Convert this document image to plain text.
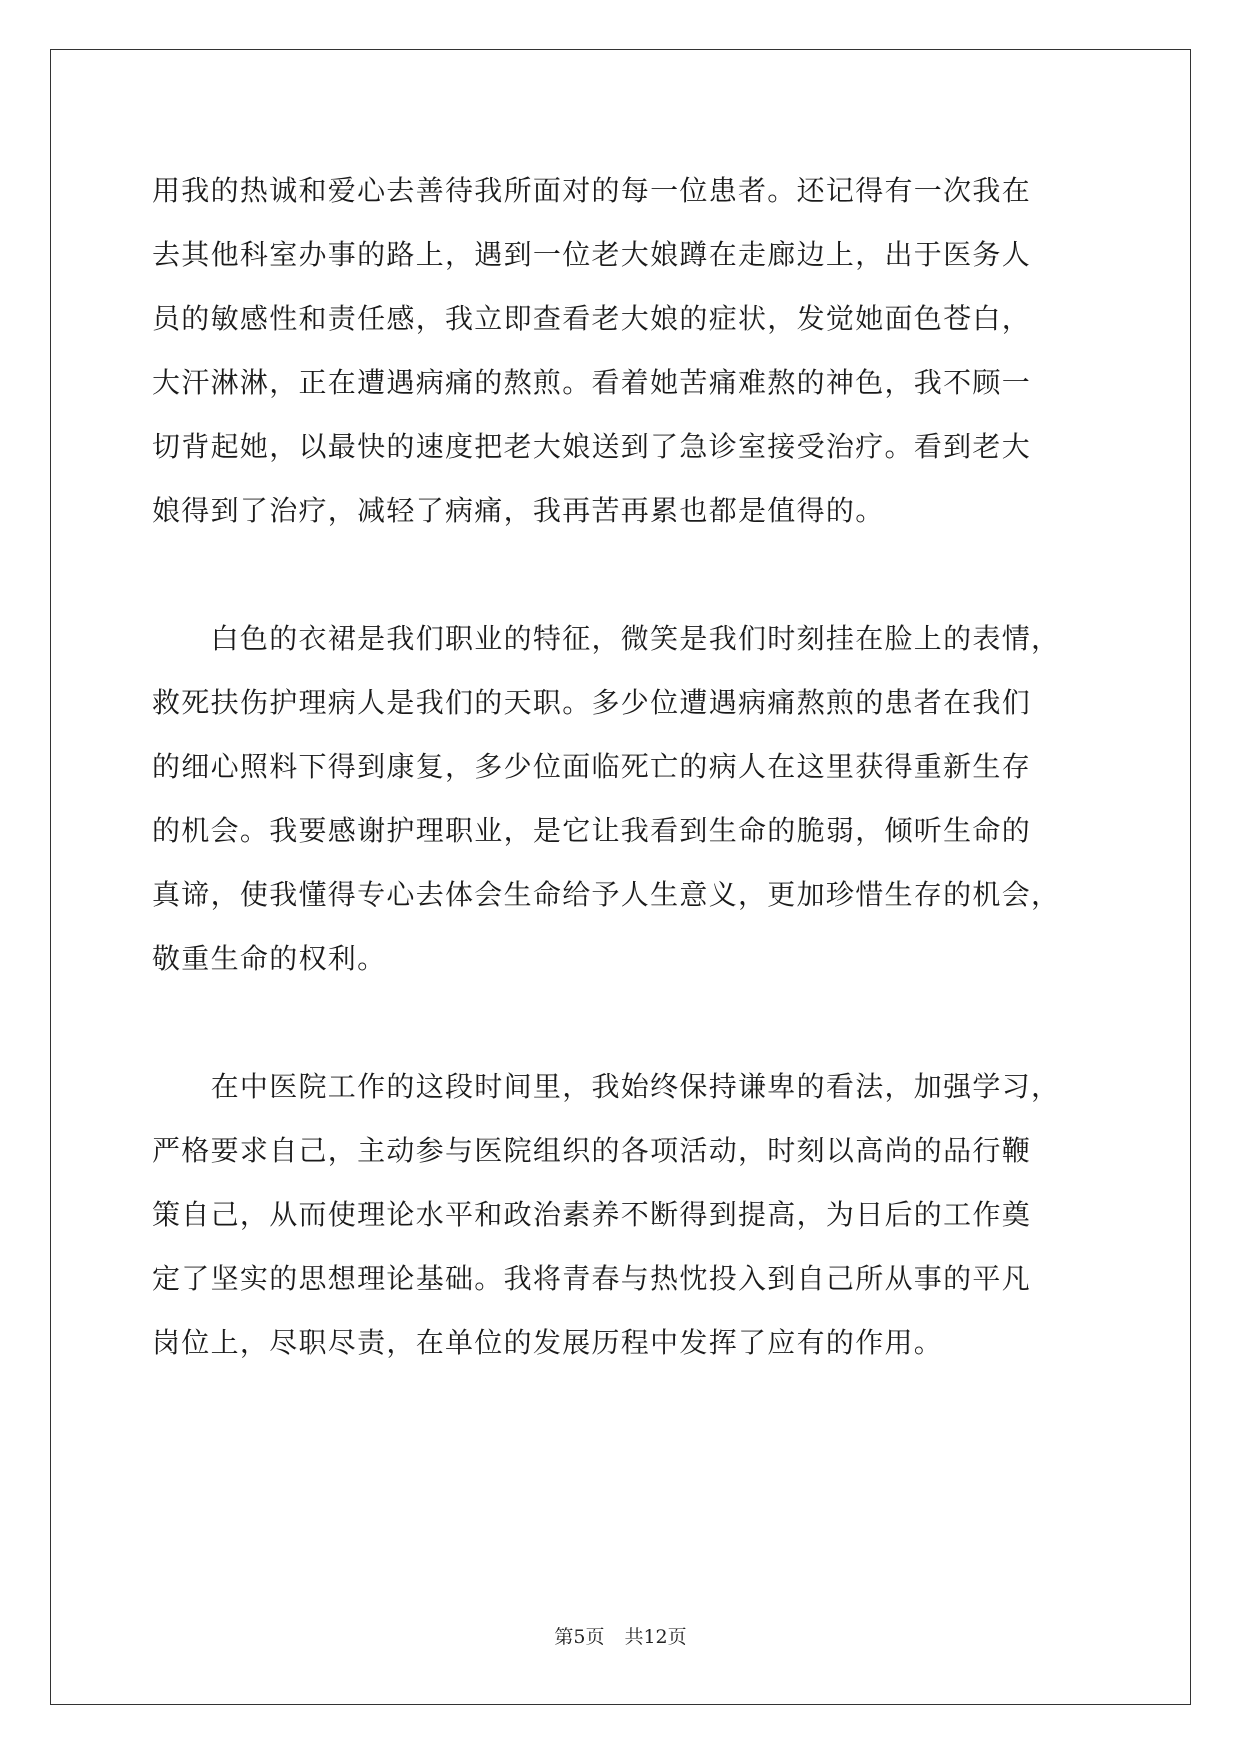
用我的热诚和爱心去善待我所面对的每一位患者。还记得有一次我在
去其他科室办事的路上，遇到一位老大娘蹲在走廊边上，出于医务人
员的敏感性和责任感，我立即查看老大娘的症状，发觉她面色苍白，
大汗淋淋，正在遭遇病痛的熬煎。看着她苦痛难熬的神色，我不顾一
切背起她，以最快的速度把老大娘送到了急诊室接受治疗。看到老大
娘得到了治疗，减轻了病痛，我再苦再累也都是值得的。
　　白色的衣裙是我们职业的特征，微笑是我们时刻挂在脸上的表情，
救死扶伤护理病人是我们的天职。多少位遭遇病痛熬煎的患者在我们
的细心照料下得到康复，多少位面临死亡的病人在这里获得重新生存
的机会。我要感谢护理职业，是它让我看到生命的脆弱，倾听生命的
真谛，使我懂得专心去体会生命给予人生意义，更加珍惜生存的机会，
敬重生命的权利。
　　在中医院工作的这段时间里，我始终保持谦卑的看法，加强学习，
严格要求自己，主动参与医院组织的各项活动，时刻以高尚的品行鞭
策自己，从而使理论水平和政治素养不断得到提高，为日后的工作奠
定了坚实的思想理论基础。我将青春与热忱投入到自己所从事的平凡
岗位上，尽职尽责，在单位的发展历程中发挥了应有的作用。
第5页 共12页
